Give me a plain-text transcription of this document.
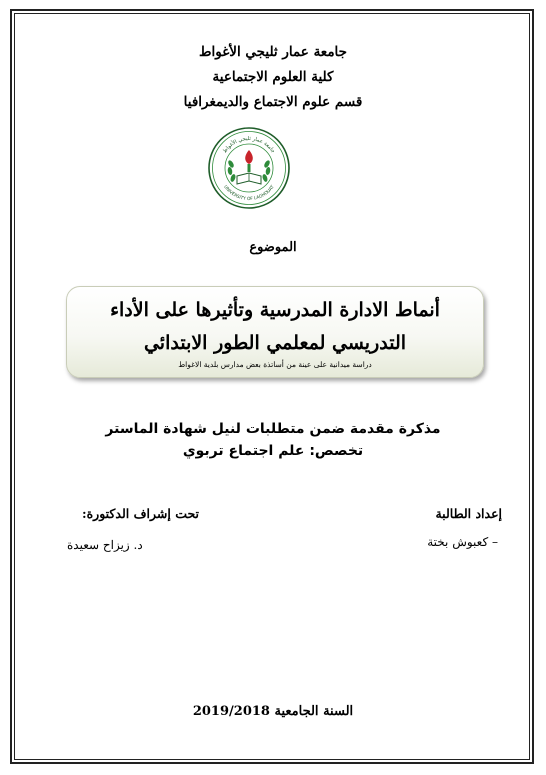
جامعة عمار ثليجي الأغواط
كلية العلوم الاجتماعية
قسم علوم الاجتماع والديمغرافيا
جامعة عمار ثليجي الأغواط
UNIVERSITY OF LAGHOUAT
الموضوع
أنماط الادارة المدرسية وتأثيرها على الأداء
التدريسي لمعلمي الطور الابتدائي
دراسة ميدانية على عينة من أساتذة بعض مدارس بلدية الاغواط
مذكرة مقدمة ضمن متطلبات لنيل شهادة الماستر
تخصص: علم اجتماع تربوي
إعداد الطالبة
– كعبوش بختة
تحت إشراف الدكتورة:
د. زيزاح سعيدة
السنة الجامعية 2019/2018
